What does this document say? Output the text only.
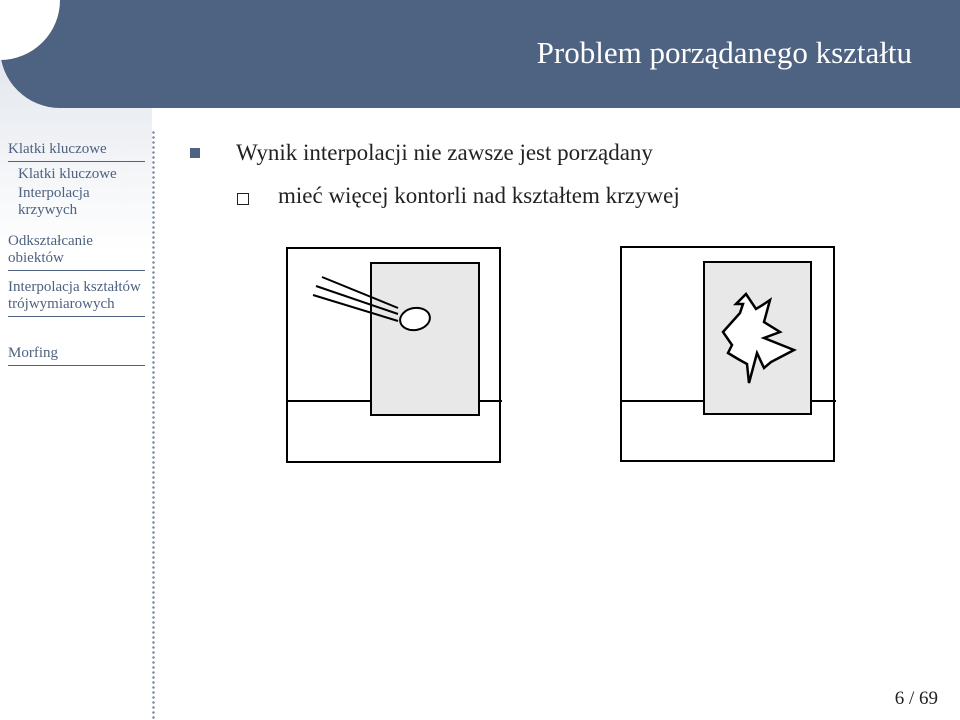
Problem porządanego kształtu
Klatki kluczowe
Klatki kluczowe
Interpolacja krzywych
Odkształcanie obiektów
Interpolacja kształtów trójwymiarowych
Morfing
Wynik interpolacji nie zawsze jest porządany
mieć więcej kontorli nad kształtem krzywej
6 / 69
